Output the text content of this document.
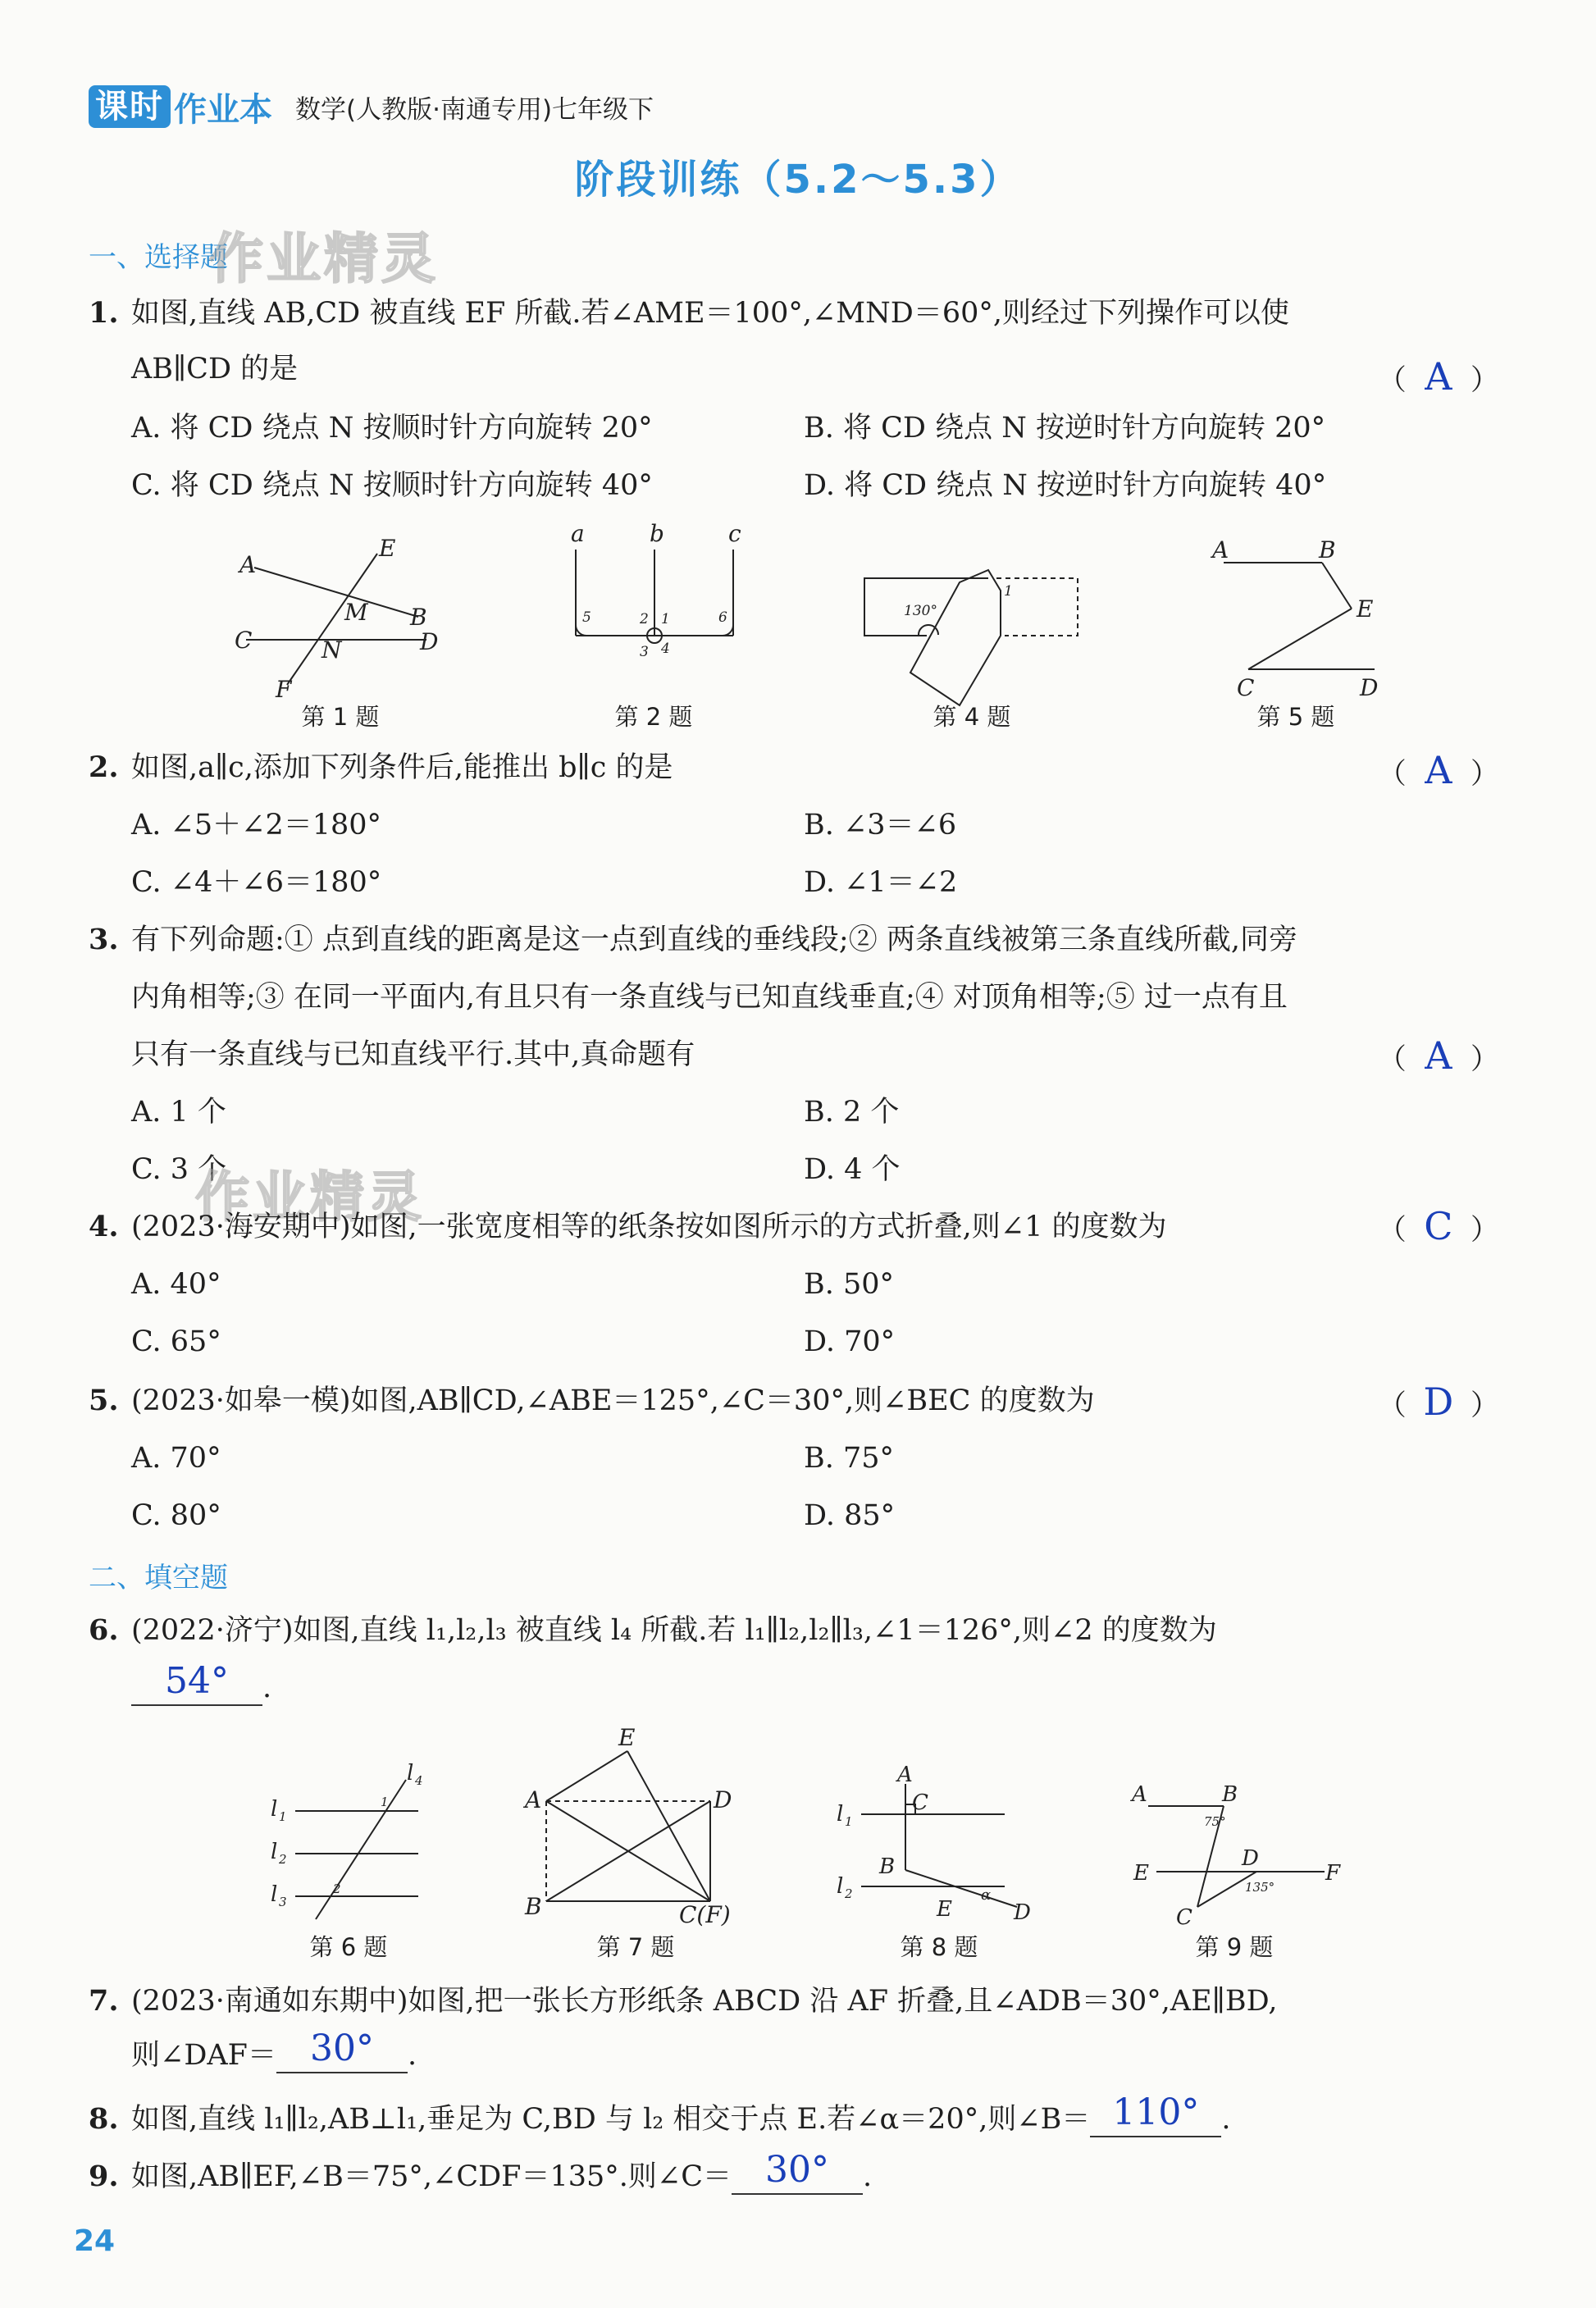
课时 作业本 数学(人教版·南通专用)七年级下
阶段训练（5.2～5.3）
一、选择题
作业精灵
1. 如图,直线 AB,CD 被直线 EF 所截.若∠AME＝100°,∠MND＝60°,则经过下列操作可以使
AB∥CD 的是	（ A ）
A. 将 CD 绕点 N 按顺时针方向旋转 20°	B. 将 CD 绕点 N 按逆时针方向旋转 20°
C. 将 CD 绕点 N 按顺时针方向旋转 40°	D. 将 CD 绕点 N 按逆时针方向旋转 40°
A
E
B
C	D
M
N
F
第 1 题
a	b	c
5	2 1
3 4
6
第 2 题
130°
1
第 4 题
A	B
E
C	D
第 5 题
2. 如图,a∥c,添加下列条件后,能推出 b∥c 的是	（ A ）
A. ∠5＋∠2＝180°	B. ∠3＝∠6
C. ∠4＋∠6＝180°	D. ∠1＝∠2
3. 有下列命题:① 点到直线的距离是这一点到直线的垂线段;② 两条直线被第三条直线所截,同旁
内角相等;③ 在同一平面内,有且只有一条直线与已知直线垂直;④ 对顶角相等;⑤ 过一点有且
只有一条直线与已知直线平行.其中,真命题有	（ A ）
A. 1 个	B. 2 个
C. 3 个	D. 4 个
作业精灵
4. (2023·海安期中)如图,一张宽度相等的纸条按如图所示的方式折叠,则∠1 的度数为	（ C ）
A. 40°	B. 50°
C. 65°	D. 70°
5. (2023·如皋一模)如图,AB∥CD,∠ABE＝125°,∠C＝30°,则∠BEC 的度数为	（ D ）
A. 70°	B. 75°
C. 80°	D. 85°
二、填空题
6. (2022·济宁)如图,直线 l₁,l₂,l₃ 被直线 l₄ 所截.若 l₁∥l₂,l₂∥l₃,∠1＝126°,则∠2 的度数为
54° .
l 1
l 2
l 3
l 4
1
2
第 6 题
A	D
E
B	C(F)
第 7 题
l 1
l 2
A
C
B
E
α
D
第 8 题
A	B
75°
E
D
135°
F
C
第 9 题
7. (2023·南通如东期中)如图,把一张长方形纸条 ABCD 沿 AF 折叠,且∠ADB＝30°,AE∥BD,
则∠DAF＝ 30° .
8. 如图,直线 l₁∥l₂,AB⊥l₁,垂足为 C,BD 与 l₂ 相交于点 E.若∠α＝20°,则∠B＝ 110° .
9. 如图,AB∥EF,∠B＝75°,∠CDF＝135°.则∠C＝ 30° .
24
